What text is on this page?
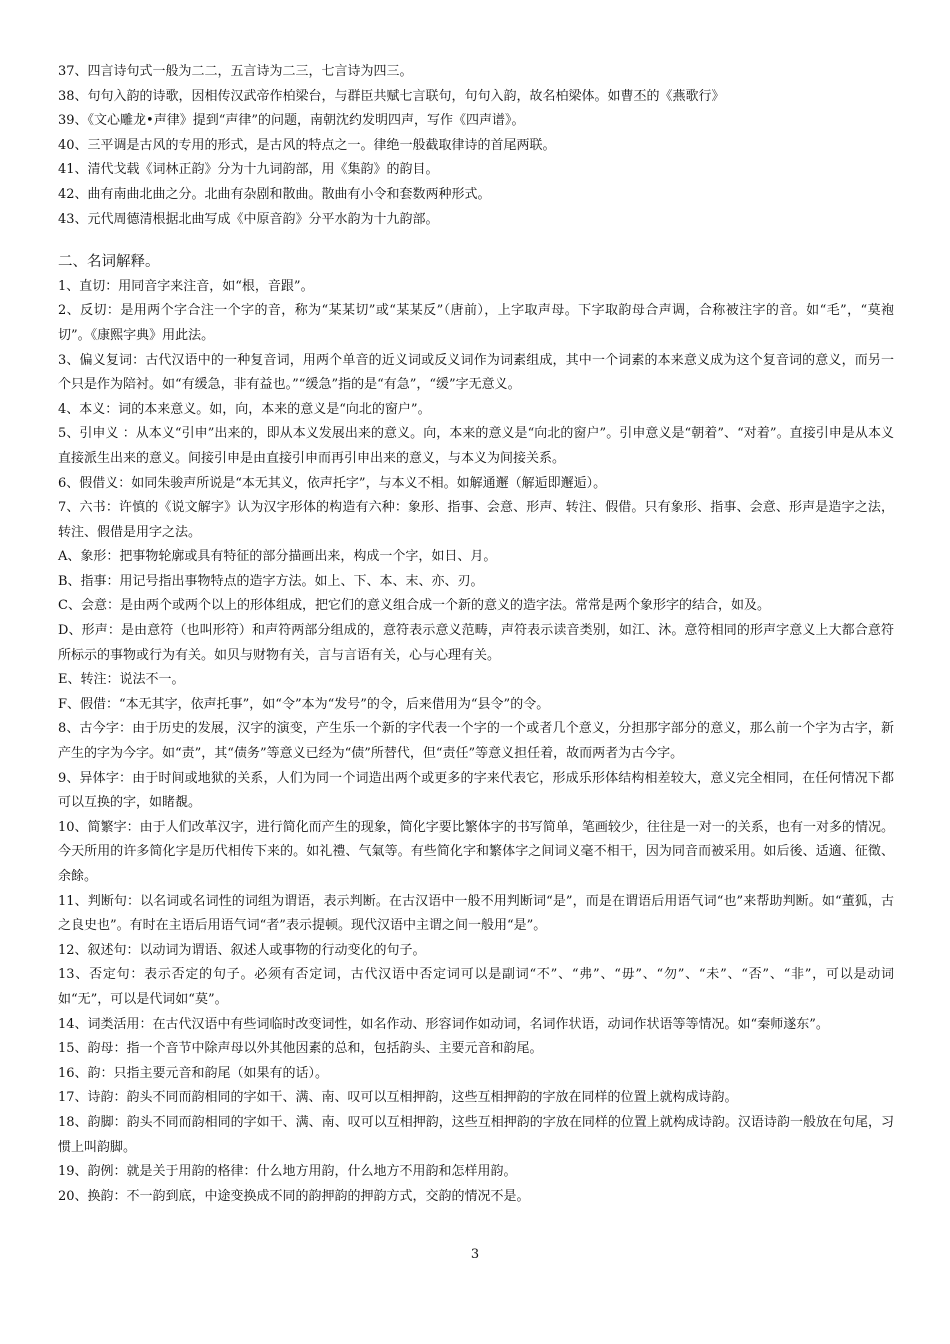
37、四言诗句式一般为二二，五言诗为二三，七言诗为四三。

38、句句入韵的诗歌，因相传汉武帝作柏梁台，与群臣共赋七言联句，句句入韵，故名柏梁体。如曹丕的《燕歌行》

39、《文心雕龙•声律》提到“声律”的问题，南朝沈约发明四声，写作《四声谱》。

40、三平调是古风的专用的形式，是古风的特点之一。律绝一般截取律诗的首尾两联。

41、清代戈载《词林正韵》分为十九词韵部，用《集韵》的韵目。

42、曲有南曲北曲之分。北曲有杂剧和散曲。散曲有小令和套数两种形式。

43、元代周德清根据北曲写成《中原音韵》分平水韵为十九韵部。

二、名词解释。

1、直切：用同音字来注音，如“根，音跟”。

2、反切：是用两个字合注一个字的音，称为“某某切”或“某某反”（唐前），上字取声母。下字取韵母合声调，合称被注字的音。如“毛”，“莫袍切”。《康熙字典》用此法。

3、偏义复词：古代汉语中的一种复音词，用两个单音的近义词或反义词作为词素组成，其中一个词素的本来意义成为这个复音词的意义，而另一个只是作为陪衬。如“有缓急，非有益也。”“缓急”指的是“有急”，“缓”字无意义。

4、本义：词的本来意义。如，向，本来的意义是“向北的窗户”。

5、引申义 ：从本义“引申”出来的，即从本义发展出来的意义。向，本来的意义是“向北的窗户”。引申意义是“朝着”、“对着”。直接引申是从本义直接派生出来的意义。间接引申是由直接引申而再引申出来的意义，与本义为间接关系。

6、假借义：如同朱骏声所说是“本无其义，依声托字”，与本义不相。如解通邂（解逅即邂逅）。

7、六书：许慎的《说文解字》认为汉字形体的构造有六种：象形、指事、会意、形声、转注、假借。只有象形、指事、会意、形声是造字之法，转注、假借是用字之法。

A、象形：把事物轮廓或具有特征的部分描画出来，构成一个字，如日、月。

B、指事：用记号指出事物特点的造字方法。如上、下、本、末、亦、刃。

C、会意：是由两个或两个以上的形体组成，把它们的意义组合成一个新的意义的造字法。常常是两个象形字的结合，如及。

D、形声：是由意符（也叫形符）和声符两部分组成的，意符表示意义范畴，声符表示读音类别，如江、沐。意符相同的形声字意义上大都合意符所标示的事物或行为有关。如贝与财物有关，言与言语有关，心与心理有关。

E、转注：说法不一。

F、假借：“本无其字，依声托事”，如“令”本为“发号”的令，后来借用为“县令”的令。

8、古今字：由于历史的发展，汉字的演变，产生乐一个新的字代表一个字的一个或者几个意义，分担那字部分的意义，那么前一个字为古字，新产生的字为今字。如“责”，其“债务”等意义已经为“债”所替代，但“责任”等意义担任着，故而两者为古今字。

9、异体字：由于时间或地狱的关系，人们为同一个词造出两个或更多的字来代表它，形成乐形体结构相差较大，意义完全相同，在任何情况下都可以互换的字，如睹覩。

10、简繁字：由于人们改革汉字，进行简化而产生的现象，简化字要比繁体字的书写简单，笔画较少，往往是一对一的关系，也有一对多的情况。今天所用的许多简化字是历代相传下来的。如礼禮、气氣等。有些简化字和繁体字之间词义毫不相干，因为同音而被采用。如后後、适適、征徵、余餘。

11、判断句：以名词或名词性的词组为谓语，表示判断。在古汉语中一般不用判断词“是”，而是在谓语后用语气词“也”来帮助判断。如“董狐，古之良史也”。有时在主语后用语气词“者”表示提顿。现代汉语中主谓之间一般用“是”。

12、叙述句：以动词为谓语、叙述人或事物的行动变化的句子。

13、否定句：表示否定的句子。必须有否定词，古代汉语中否定词可以是副词“不”、“弗”、“毋”、“勿”、“未”、“否”、“非”，可以是动词如“无”，可以是代词如“莫”。

14、词类活用：在古代汉语中有些词临时改变词性，如名作动、形容词作如动词，名词作状语，动词作状语等等情况。如“秦师遂东”。

15、韵母：指一个音节中除声母以外其他因素的总和，包括韵头、主要元音和韵尾。

16、韵：只指主要元音和韵尾（如果有的话）。

17、诗韵：韵头不同而韵相同的字如干、满、南、叹可以互相押韵，这些互相押韵的字放在同样的位置上就构成诗韵。

18、韵脚：韵头不同而韵相同的字如干、满、南、叹可以互相押韵，这些互相押韵的字放在同样的位置上就构成诗韵。汉语诗韵一般放在句尾，习惯上叫韵脚。

19、韵例：就是关于用韵的格律：什么地方用韵，什么地方不用韵和怎样用韵。

20、换韵：不一韵到底，中途变换成不同的韵押韵的押韵方式，交韵的情况不是。

3
